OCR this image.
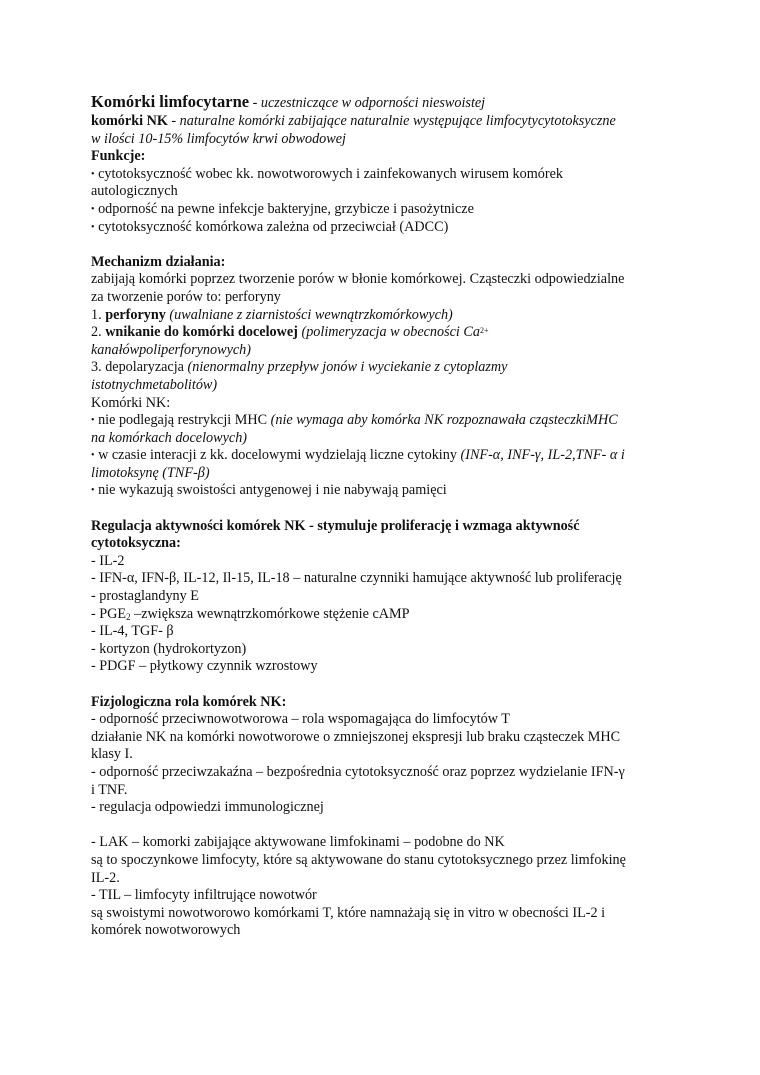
Komórki limfocytarne - uczestniczące w odporności nieswoistej
komórki NK - naturalne komórki zabijające naturalnie występujące limfocytycytotoksyczne
w ilości 10-15% limfocytów krwi obwodowej
Funkcje:
• cytotoksyczność wobec kk. nowotworowych i zainfekowanych wirusem komórek
autologicznych
• odporność na pewne infekcje bakteryjne, grzybicze i pasożytnicze
• cytotoksyczność komórkowa zależna od przeciwciał (ADCC)
Mechanizm działania:
zabijają komórki poprzez tworzenie porów w błonie komórkowej. Cząsteczki odpowiedzialne
za tworzenie porów to: perforyny
1. perforyny (uwalniane z ziarnistości wewnątrzkomórkowych)
2. wnikanie do komórki docelowej (polimeryzacja w obecności $Ca^{2+}$
kanałówpoliperforynowych)
3. depolaryzacja (nienormalny przepływ jonów i wyciekanie z cytoplazmy
istotnychmetabolitów)
Komórki NK:
• nie podlegają restrykcji MHC (nie wymaga aby komórka NK rozpoznawała cząsteczkiMHC
na komórkach docelowych)
• w czasie interacji z kk. docelowymi wydzielają liczne cytokiny (INF-α, INF-γ, IL-2,TNF- α i
limotoksynę (TNF-β)
• nie wykazują swoistości antygenowej i nie nabywają pamięci
Regulacja aktywności komórek NK - stymuluje proliferację i wzmaga aktywność
cytotoksyczna:
- IL-2
- IFN-α, IFN-β, IL-12, Il-15, IL-18 – naturalne czynniki hamujące aktywność lub proliferację
- prostaglandyny E
- $PGE_2$ –zwiększa wewnątrzkomórkowe stężenie cAMP
- IL-4, TGF- β
- kortyzon (hydrokortyzon)
- PDGF – płytkowy czynnik wzrostowy
Fizjologiczna rola komórek NK:
- odporność przeciwnowotworowa – rola wspomagająca do limfocytów T
działanie NK na komórki nowotworowe o zmniejszonej ekspresji lub braku cząsteczek MHC
klasy I.
- odporność przeciwzakaźna – bezpośrednia cytotoksyczność oraz poprzez wydzielanie IFN-γ
i TNF.
- regulacja odpowiedzi immunologicznej
- LAK – komorki zabijające aktywowane limfokinami – podobne do NK
są to spoczynkowe limfocyty, które są aktywowane do stanu cytotoksycznego przez limfokinę
IL-2.
- TIL – limfocyty infiltrujące nowotwór
są swoistymi nowotworowo komórkami T, które namnażają się in vitro w obecności IL-2 i
komórek nowotworowych
